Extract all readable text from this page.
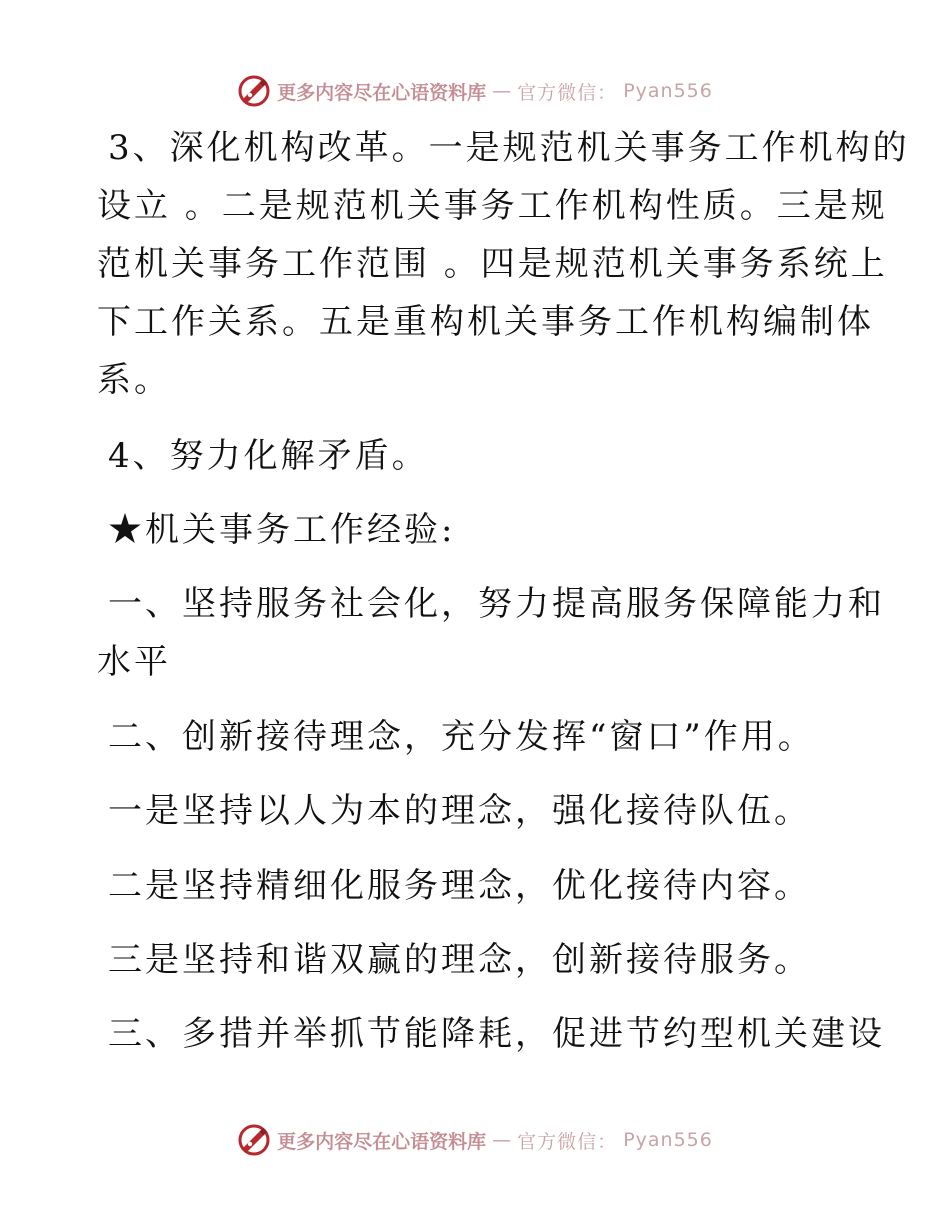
更多内容尽在心语资料库 — 官方微信： Pyan556
3、深化机构改革。一是规范机关事务工作机构的
设立 。二是规范机关事务工作机构性质。三是规
范机关事务工作范围 。四是规范机关事务系统上
下工作关系。五是重构机关事务工作机构编制体
系。
4、努力化解矛盾。
★机关事务工作经验:
一、坚持服务社会化，努力提高服务保障能力和
水平
二、创新接待理念，充分发挥“窗口”作用。
一是坚持以人为本的理念，强化接待队伍。
二是坚持精细化服务理念，优化接待内容。
三是坚持和谐双赢的理念，创新接待服务。
三、多措并举抓节能降耗，促进节约型机关建设
更多内容尽在心语资料库 — 官方微信： Pyan556
